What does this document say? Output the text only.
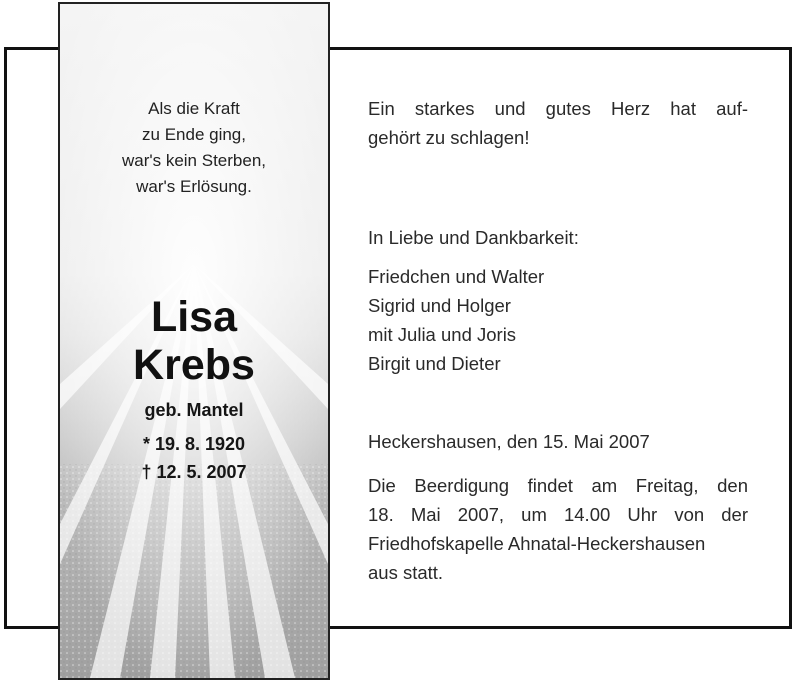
Als die Kraft
zu Ende ging,
war's kein Sterben,
war's Erlösung.
Lisa
Krebs
geb. Mantel
* 19. 8. 1920
† 12. 5. 2007
Ein starkes und gutes Herz hat auf-
gehört zu schlagen!
In Liebe und Dankbarkeit:
Friedchen und Walter
Sigrid und Holger
mit Julia und Joris
Birgit und Dieter
Heckershausen, den 15. Mai 2007
Die Beerdigung findet am Freitag, den
18. Mai 2007, um 14.00 Uhr von der
Friedhofskapelle Ahnatal-Heckershausen
aus statt.
